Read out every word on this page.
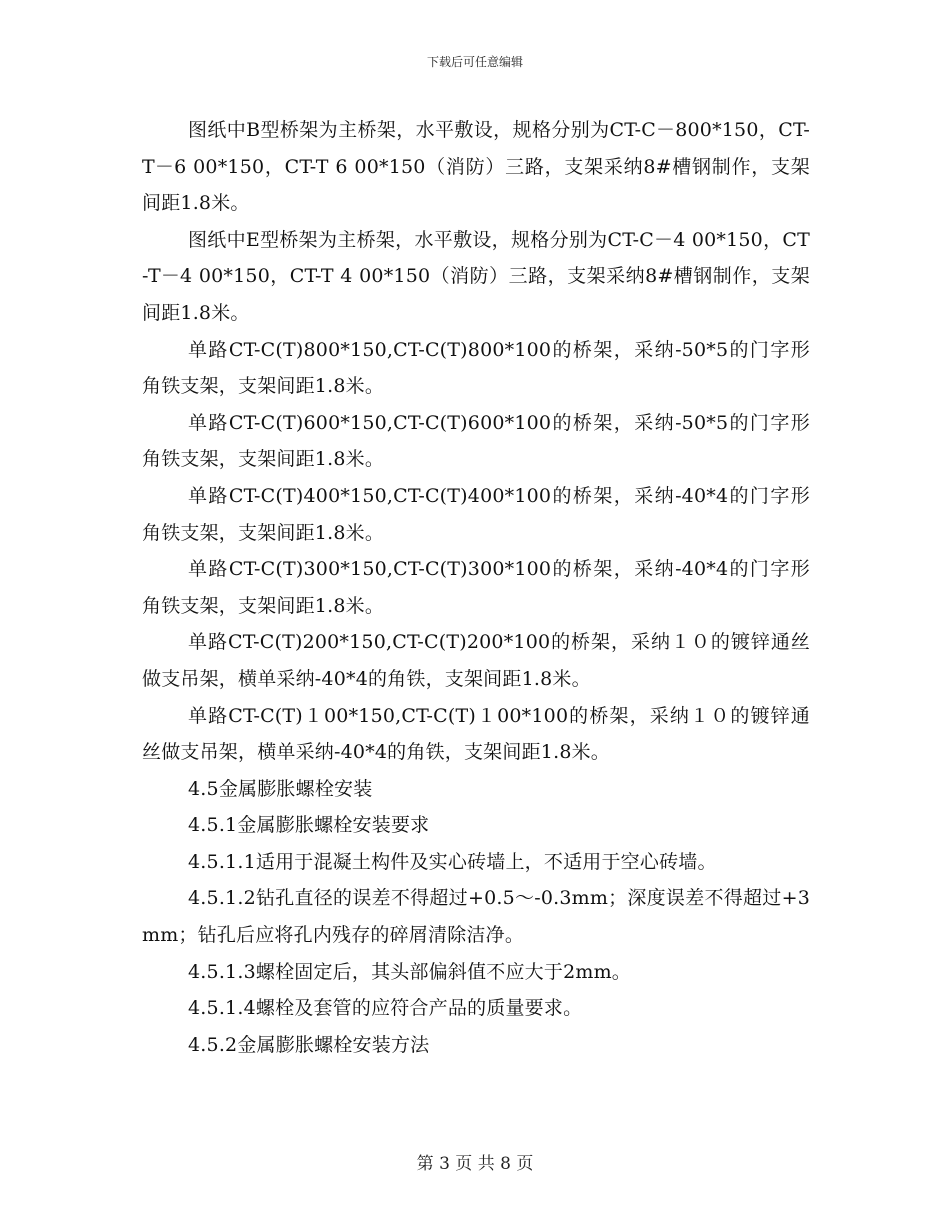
下载后可任意编辑

图纸中B型桥架为主桥架，水平敷设，规格分别为CT-C－800*150，CT-T－6 00*150，CT-T 6 00*150（消防）三路，支架采纳8#槽钢制作，支架间距1.8米。

图纸中E型桥架为主桥架，水平敷设，规格分别为CT-C－4 00*150，CT-T－4 00*150，CT-T 4 00*150（消防）三路，支架采纳8#槽钢制作，支架间距1.8米。

单路CT-C(T)800*150,CT-C(T)800*100的桥架，采纳-50*5的门字形角铁支架，支架间距1.8米。

单路CT-C(T)600*150,CT-C(T)600*100的桥架，采纳-50*5的门字形角铁支架，支架间距1.8米。

单路CT-C(T)400*150,CT-C(T)400*100的桥架，采纳-40*4的门字形角铁支架，支架间距1.8米。

单路CT-C(T)300*150,CT-C(T)300*100的桥架，采纳-40*4的门字形角铁支架，支架间距1.8米。

单路CT-C(T)200*150,CT-C(T)200*100的桥架，采纳１０的镀锌通丝做支吊架，横单采纳-40*4的角铁，支架间距1.8米。

单路CT-C(T)１00*150,CT-C(T)１00*100的桥架，采纳１０的镀锌通丝做支吊架，横单采纳-40*4的角铁，支架间距1.8米。

4.5金属膨胀螺栓安装

4.5.1金属膨胀螺栓安装要求

4.5.1.1适用于混凝土构件及实心砖墙上，不适用于空心砖墙。

4.5.1.2钻孔直径的误差不得超过+0.5～-0.3mm；深度误差不得超过+3mm；钻孔后应将孔内残存的碎屑清除洁净。

4.5.1.3螺栓固定后，其头部偏斜值不应大于2mm。

4.5.1.4螺栓及套管的应符合产品的质量要求。

4.5.2金属膨胀螺栓安装方法

第 3 页 共 8 页
